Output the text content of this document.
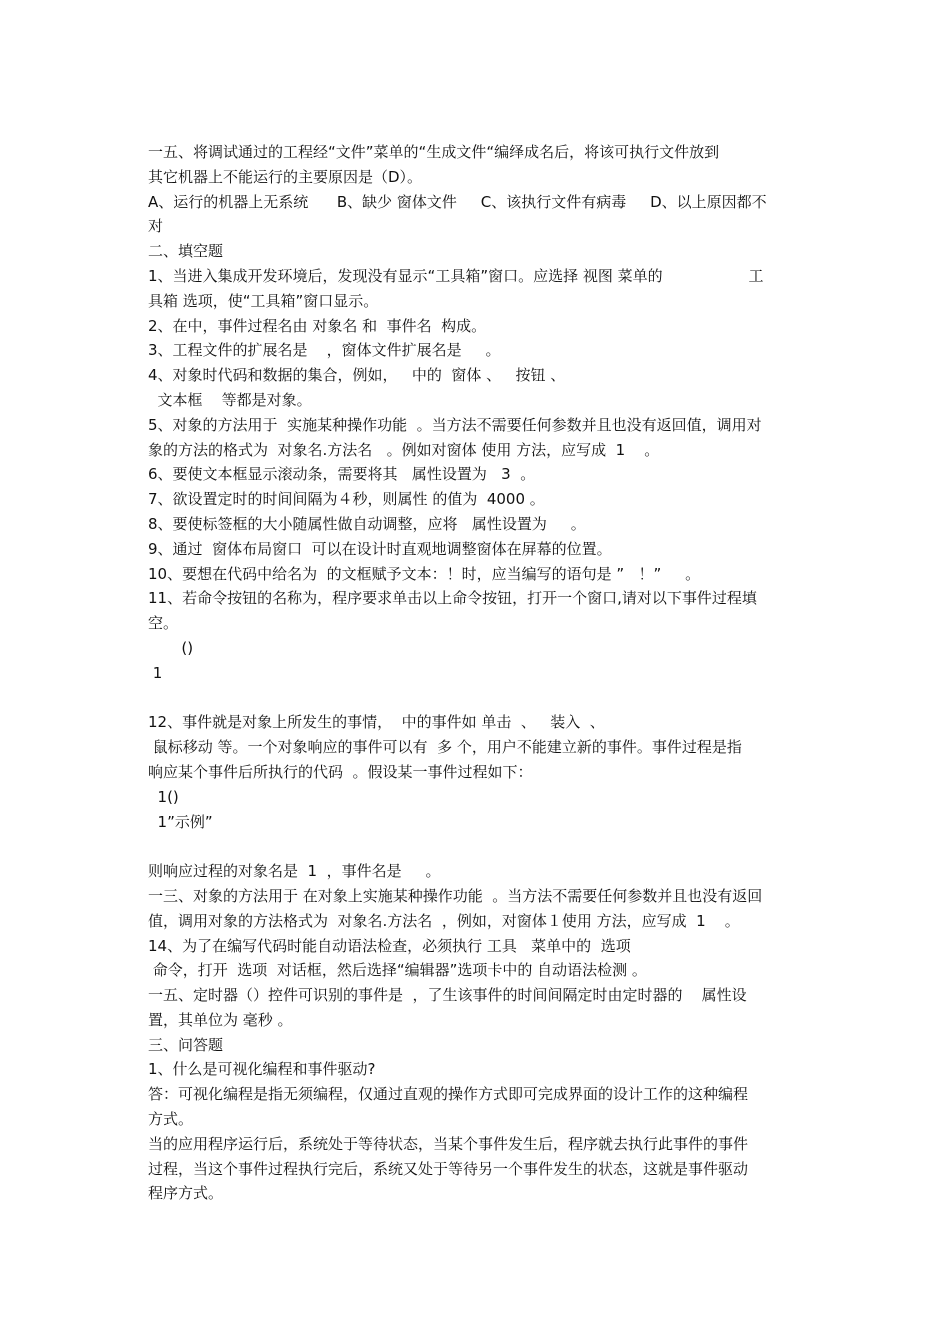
一五、将调试通过的工程经“文件”菜单的“生成文件“编绎成名后，将该可执行文件放到
其它机器上不能运行的主要原因是（D）。
A、运行的机器上无系统      B、缺少 窗体文件     C、该执行文件有病毒     D、以上原因都不
对
二、填空题
1、当进入集成开发环境后，发现没有显示“工具箱”窗口。应选择 视图 菜单的                  工
具箱 选项，使“工具箱”窗口显示。
2、在中，事件过程名由 对象名 和  事件名  构成。
3、工程文件的扩展名是    ，窗体文件扩展名是     。
4、对象时代码和数据的集合，例如，   中的  窗体 、   按钮 、
文本框    等都是对象。
5、对象的方法用于  实施某种操作功能  。当方法不需要任何参数并且也没有返回值，调用对
象的方法的格式为  对象名.方法名   。例如对窗体 使用 方法，应写成  1    。
6、要使文本框显示滚动条，需要将其   属性设置为   3  。
7、欲设置定时的时间间隔为４秒，则属性 的值为  4000 。
8、要使标签框的大小随属性做自动调整，应将   属性设置为     。
9、通过  窗体布局窗口  可以在设计时直观地调整窗体在屏幕的位置。
10、要想在代码中给名为  的文框赋予文本：！时，应当编写的语句是 ”   ！”     。
11、若命令按钮的名称为，程序要求单击以上命令按钮，打开一个窗口,请对以下事件过程填
空。
()
1
12、事件就是对象上所发生的事情，  中的事件如 单击  、   装入  、
鼠标移动 等。一个对象响应的事件可以有  多 个，用户不能建立新的事件。事件过程是指
响应某个事件后所执行的代码  。假设某一事件过程如下：
1()
1”示例”
则响应过程的对象名是  1  ，事件名是     。
一三、对象的方法用于 在对象上实施某种操作功能  。当方法不需要任何参数并且也没有返回
值，调用对象的方法格式为  对象名.方法名  ，例如，对窗体１使用 方法，应写成  1    。
14、为了在编写代码时能自动语法检查，必须执行 工具   菜单中的  选项
命令，打开  选项  对话框，然后选择“编辑器”选项卡中的 自动语法检测 。
一五、定时器（）控件可识别的事件是  ，了生该事件的时间间隔定时由定时器的    属性设
置，其单位为 毫秒 。
三、问答题
1、什么是可视化编程和事件驱动?
答：可视化编程是指无须编程，仅通过直观的操作方式即可完成界面的设计工作的这种编程
方式。
当的应用程序运行后，系统处于等待状态，当某个事件发生后，程序就去执行此事件的事件
过程，当这个事件过程执行完后，系统又处于等待另一个事件发生的状态，这就是事件驱动
程序方式。
